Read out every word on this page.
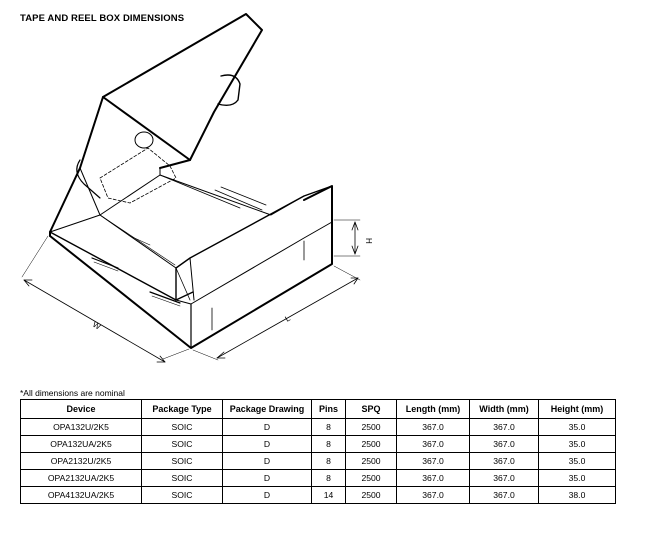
TAPE AND REEL BOX DIMENSIONS
W
L
H
*All dimensions are nominal
Device	Package Type	Package Drawing	Pins	SPQ	Length (mm)	Width (mm)	Height (mm)
OPA132U/2K5	SOIC	D	8	2500	367.0	367.0	35.0
OPA132UA/2K5	SOIC	D	8	2500	367.0	367.0	35.0
OPA2132U/2K5	SOIC	D	8	2500	367.0	367.0	35.0
OPA2132UA/2K5	SOIC	D	8	2500	367.0	367.0	35.0
OPA4132UA/2K5	SOIC	D	14	2500	367.0	367.0	38.0
